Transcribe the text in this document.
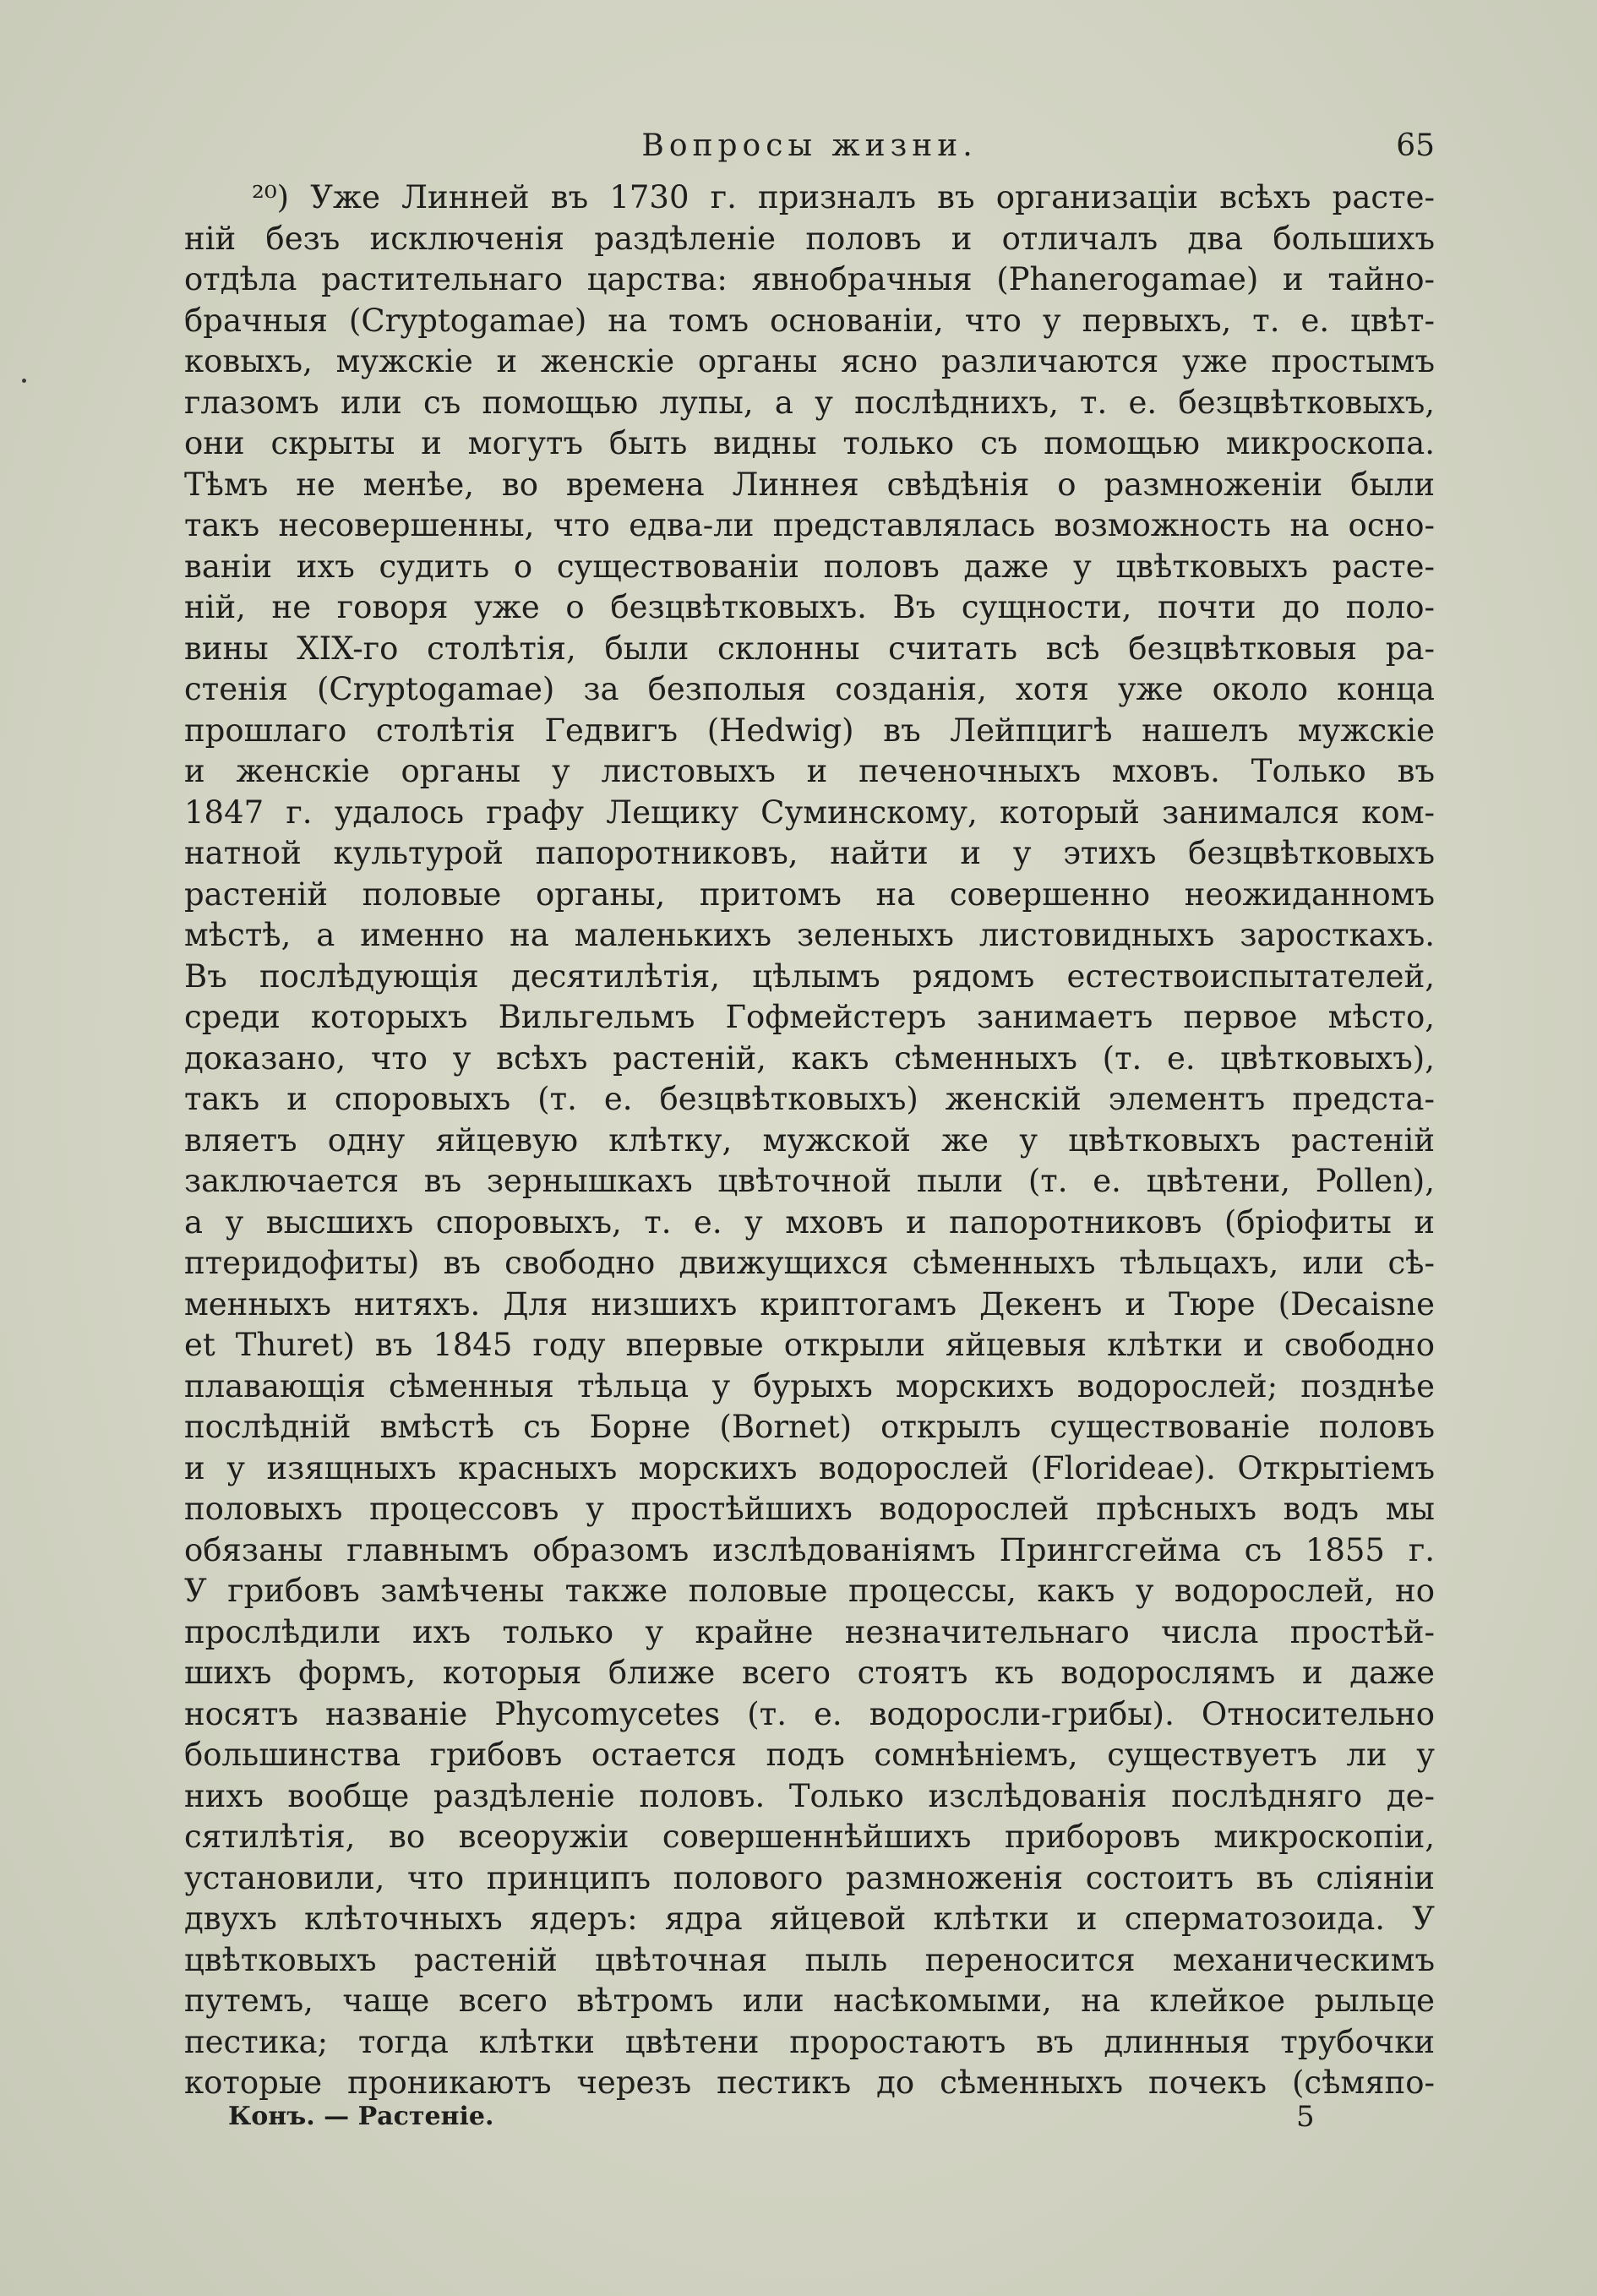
Вопросы жизни.	65
²⁰) Уже Линней въ 1730 г. призналъ въ организаціи всѣхъ расте-
ній безъ исключенія раздѣленіе половъ и отличалъ два большихъ
отдѣла растительнаго царства: явнобрачныя (Phanerogamae) и тайно-
брачныя (Cryptogamae) на томъ основаніи, что у первыхъ, т. е. цвѣт-
ковыхъ, мужскіе и женскіе органы ясно различаются уже простымъ
глазомъ или съ помощью лупы, а у послѣднихъ, т. е. безцвѣтковыхъ,
они скрыты и могутъ быть видны только съ помощью микроскопа.
Тѣмъ не менѣе, во времена Линнея свѣдѣнія о размноженіи были
такъ несовершенны, что едва-ли представлялась возможность на осно-
ваніи ихъ судить о существованіи половъ даже у цвѣтковыхъ расте-
ній, не говоря уже о безцвѣтковыхъ. Въ сущности, почти до поло-
вины XIX-го столѣтія, были склонны считать всѣ безцвѣтковыя ра-
стенія (Cryptogamae) за безполыя созданія, хотя уже около конца
прошлаго столѣтія Гедвигъ (Hedwig) въ Лейпцигѣ нашелъ мужскіе
и женскіе органы у листовыхъ и печеночныхъ мховъ. Только въ
1847 г. удалось графу Лещику Суминскому, который занимался ком-
натной культурой папоротниковъ, найти и у этихъ безцвѣтковыхъ
растеній половые органы, притомъ на совершенно неожиданномъ
мѣстѣ, а именно на маленькихъ зеленыхъ листовидныхъ заросткахъ.
Въ послѣдующія десятилѣтія, цѣлымъ рядомъ естествоиспытателей,
среди которыхъ Вильгельмъ Гофмейстеръ занимаетъ первое мѣсто,
доказано, что у всѣхъ растеній, какъ сѣменныхъ (т. е. цвѣтковыхъ),
такъ и споровыхъ (т. е. безцвѣтковыхъ) женскій элементъ предста-
вляетъ одну яйцевую клѣтку, мужской же у цвѣтковыхъ растеній
заключается въ зернышкахъ цвѣточной пыли (т. е. цвѣтени, Pollen),
а у высшихъ споровыхъ, т. е. у мховъ и папоротниковъ (бріофиты и
птеридофиты) въ свободно движущихся сѣменныхъ тѣльцахъ, или сѣ-
менныхъ нитяхъ. Для низшихъ криптогамъ Декенъ и Тюре (Decaisne
et Thuret) въ 1845 году впервые открыли яйцевыя клѣтки и свободно
плавающія сѣменныя тѣльца у бурыхъ морскихъ водорослей; позднѣе
послѣдній вмѣстѣ съ Борне (Bornet) открылъ существованіе половъ
и у изящныхъ красныхъ морскихъ водорослей (Florideae). Открытіемъ
половыхъ процессовъ у простѣйшихъ водорослей прѣсныхъ водъ мы
обязаны главнымъ образомъ изслѣдованіямъ Прингсгейма съ 1855 г.
У грибовъ замѣчены также половые процессы, какъ у водорослей, но
прослѣдили ихъ только у крайне незначительнаго числа простѣй-
шихъ формъ, которыя ближе всего стоятъ къ водорослямъ и даже
носятъ названіе Phycomycetes (т. е. водоросли-грибы). Относительно
большинства грибовъ остается подъ сомнѣніемъ, существуетъ ли у
нихъ вообще раздѣленіе половъ. Только изслѣдованія послѣдняго де-
сятилѣтія, во всеоружіи совершеннѣйшихъ приборовъ микроскопіи,
установили, что принципъ полового размноженія состоитъ въ сліяніи
двухъ клѣточныхъ ядеръ: ядра яйцевой клѣтки и сперматозоида. У
цвѣтковыхъ растеній цвѣточная пыль переносится механическимъ
путемъ, чаще всего вѣтромъ или насѣкомыми, на клейкое рыльце
пестика; тогда клѣтки цвѣтени проростаютъ въ длинныя трубочки
которые проникаютъ черезъ пестикъ до сѣменныхъ почекъ (сѣмяпо-
Конъ. — Растеніе.	5
